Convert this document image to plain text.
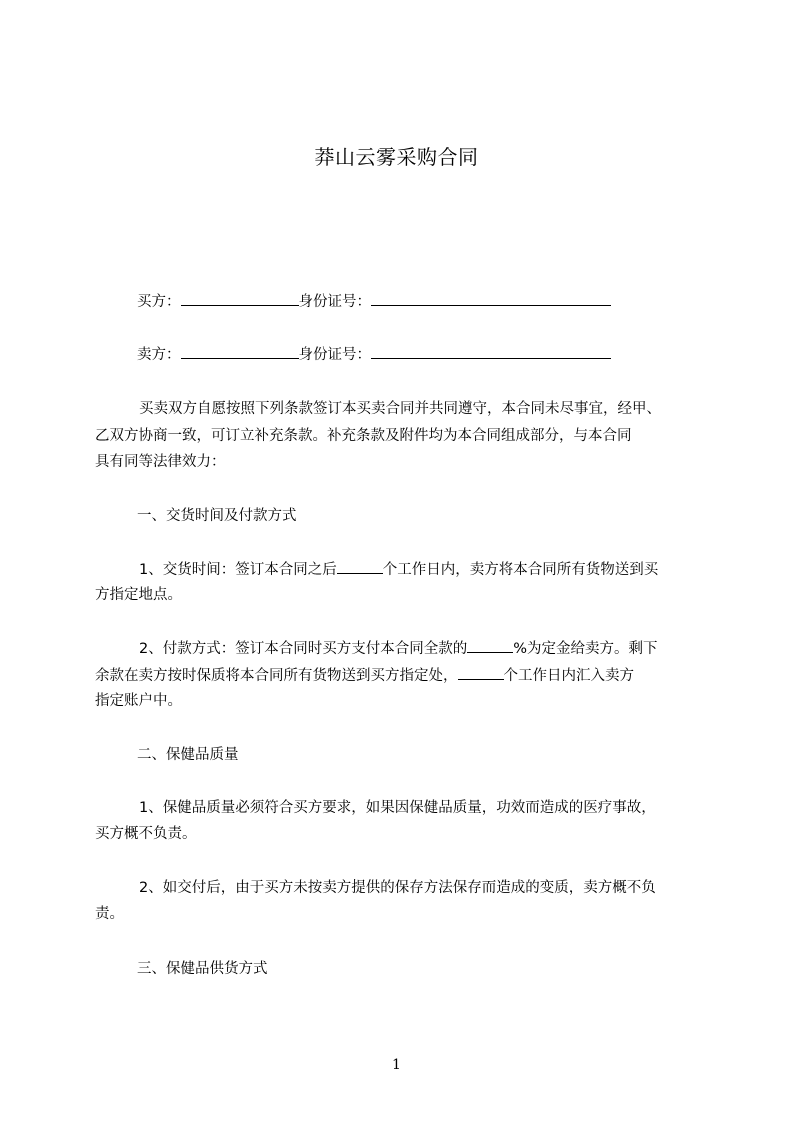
莽山云雾采购合同
买方：	身份证号：
卖方：	身份证号：
买卖双方自愿按照下列条款签订本买卖合同并共同遵守，本合同未尽事宜，经甲、
乙双方协商一致，可订立补充条款。补充条款及附件均为本合同组成部分，与本合同
具有同等法律效力：
一、交货时间及付款方式
1、交货时间：签订本合同之后	个工作日内，卖方将本合同所有货物送到买
方指定地点。
2、付款方式：签订本合同时买方支付本合同全款的	%为定金给卖方。剩下
余款在卖方按时保质将本合同所有货物送到买方指定处，	个工作日内汇入卖方
指定账户中。
二、保健品质量
1、保健品质量必须符合买方要求，如果因保健品质量，功效而造成的医疗事故，
买方概不负责。
2、如交付后，由于买方未按卖方提供的保存方法保存而造成的变质，卖方概不负
责。
三、保健品供货方式
1
